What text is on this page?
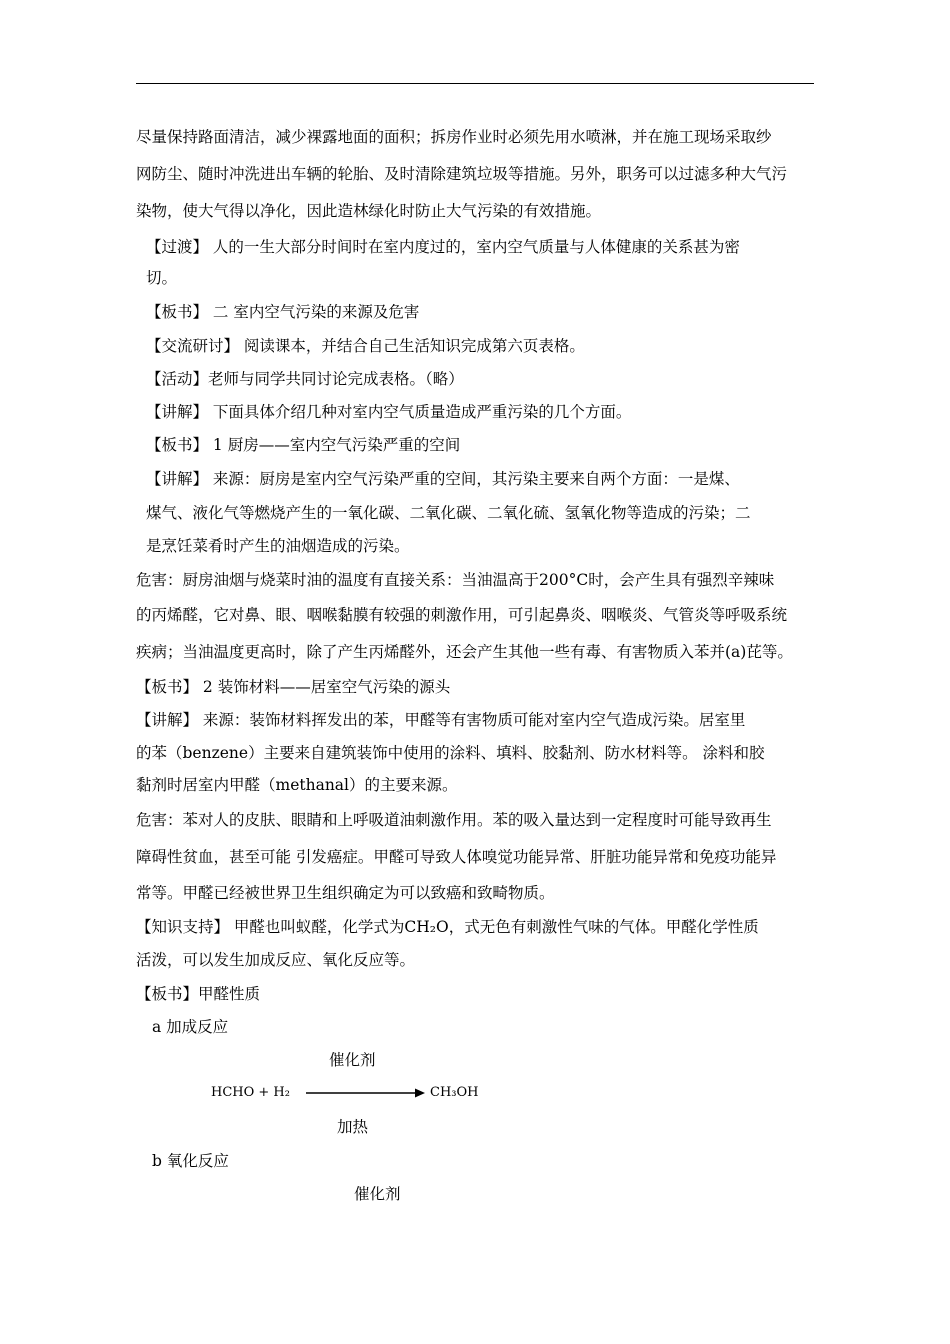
尽量保持路面清洁，减少裸露地面的面积；拆房作业时必须先用水喷淋，并在施工现场采取纱
网防尘、随时冲洗进出车辆的轮胎、及时清除建筑垃圾等措施。另外，职务可以过滤多种大气污
染物，使大气得以净化，因此造林绿化时防止大气污染的有效措施。
【过渡】 人的一生大部分时间时在室内度过的，室内空气质量与人体健康的关系甚为密
切。
【板书】 二 室内空气污染的来源及危害
【交流研讨】 阅读课本，并结合自己生活知识完成第六页表格。
【活动】老师与同学共同讨论完成表格。（略）
【讲解】 下面具体介绍几种对室内空气质量造成严重污染的几个方面。
【板书】 1 厨房——室内空气污染严重的空间
【讲解】 来源：厨房是室内空气污染严重的空间，其污染主要来自两个方面：一是煤、
煤气、液化气等燃烧产生的一氧化碳、二氧化碳、二氧化硫、氢氧化物等造成的污染；二
是烹饪菜肴时产生的油烟造成的污染。
危害：厨房油烟与烧菜时油的温度有直接关系：当油温高于200°C时，会产生具有强烈辛辣味
的丙烯醛，它对鼻、眼、咽喉黏膜有较强的刺激作用，可引起鼻炎、咽喉炎、气管炎等呼吸系统
疾病；当油温度更高时，除了产生丙烯醛外，还会产生其他一些有毒、有害物质入苯并(a)芘等。
【板书】 2 装饰材料——居室空气污染的源头
【讲解】 来源：装饰材料挥发出的苯，甲醛等有害物质可能对室内空气造成污染。居室里
的苯（benzene）主要来自建筑装饰中使用的涂料、填料、胶黏剂、防水材料等。 涂料和胶
黏剂时居室内甲醛（methanal）的主要来源。
危害：苯对人的皮肤、眼睛和上呼吸道油刺激作用。苯的吸入量达到一定程度时可能导致再生
障碍性贫血，甚至可能 引发癌症。甲醛可导致人体嗅觉功能异常、肝脏功能异常和免疫功能异
常等。甲醛已经被世界卫生组织确定为可以致癌和致畸物质。
【知识支持】 甲醛也叫蚁醛，化学式为CH₂O，式无色有刺激性气味的气体。甲醛化学性质
活泼，可以发生加成反应、氧化反应等。
【板书】甲醛性质
a 加成反应
催化剂
HCHO + H₂	CH₃OH
加热
b 氧化反应
催化剂
